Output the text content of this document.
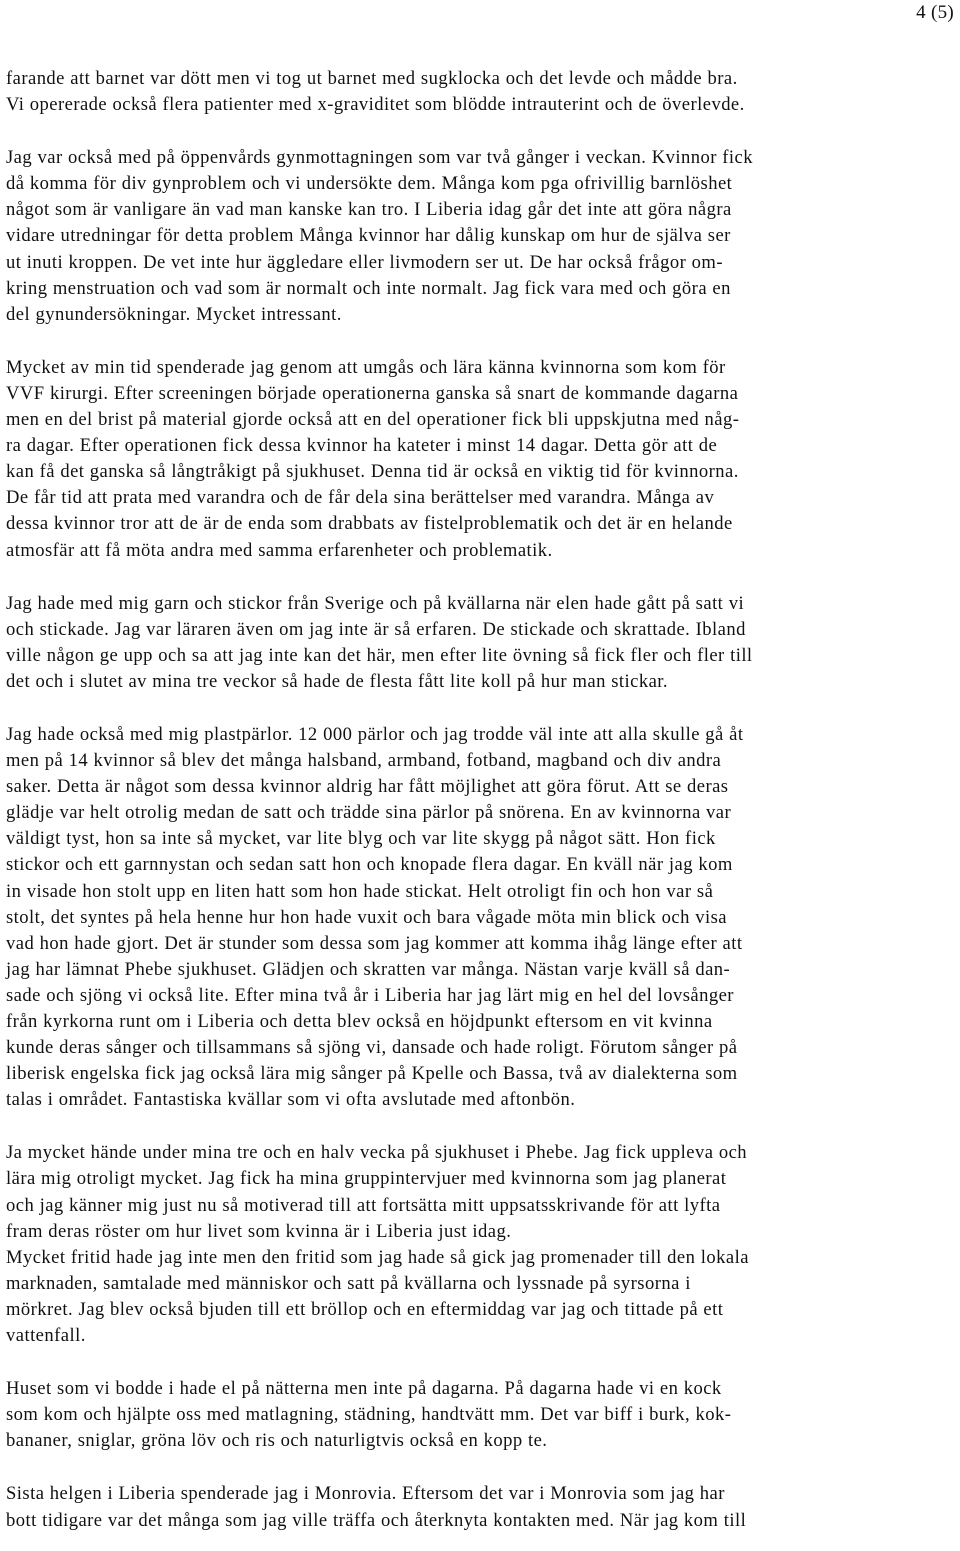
4 (5)

farande att barnet var dött men vi tog ut barnet med sugklocka och det levde och mådde bra.
Vi opererade också flera patienter med x-graviditet som blödde intrauterint och de överlevde.

Jag var också med på öppenvårds gynmottagningen som var två gånger i veckan. Kvinnor fick
då komma för div gynproblem och vi undersökte dem. Många kom pga ofrivillig barnlöshet
något som är vanligare än vad man kanske kan tro. I Liberia idag går det inte att göra några
vidare utredningar för detta problem Många kvinnor har dålig kunskap om hur de själva ser
ut inuti kroppen. De vet inte hur äggledare eller livmodern ser ut. De har också frågor om-
kring menstruation och vad som är normalt och inte normalt. Jag fick vara med och göra en
del gynundersökningar. Mycket intressant.

Mycket av min tid spenderade jag genom att umgås och lära känna kvinnorna som kom för
VVF kirurgi. Efter screeningen började operationerna ganska så snart de kommande dagarna
men en del brist på material gjorde också att en del operationer fick bli uppskjutna med någ-
ra dagar. Efter operationen fick dessa kvinnor ha kateter i minst 14 dagar. Detta gör att de
kan få det ganska så långtråkigt på sjukhuset. Denna tid är också en viktig tid för kvinnorna.
De får tid att prata med varandra och de får dela sina berättelser med varandra. Många av
dessa kvinnor tror att de är de enda som drabbats av fistelproblematik och det är en helande
atmosfär att få möta andra med samma erfarenheter och problematik.

Jag hade med mig garn och stickor från Sverige och på kvällarna när elen hade gått på satt vi
och stickade. Jag var läraren även om jag inte är så erfaren. De stickade och skrattade. Ibland
ville någon ge upp och sa att jag inte kan det här, men efter lite övning så fick fler och fler till
det och i slutet av mina tre veckor så hade de flesta fått lite koll på hur man stickar.

Jag hade också med mig plastpärlor. 12 000 pärlor och jag trodde väl inte att alla skulle gå åt
men på 14 kvinnor så blev det många halsband, armband, fotband, magband och div andra
saker. Detta är något som dessa kvinnor aldrig har fått möjlighet att göra förut. Att se deras
glädje var helt otrolig medan de satt och trädde sina pärlor på snörena. En av kvinnorna var
väldigt tyst, hon sa inte så mycket, var lite blyg och var lite skygg på något sätt. Hon fick
stickor och ett garnnystan och sedan satt hon och knopade flera dagar. En kväll när jag kom
in visade hon stolt upp en liten hatt som hon hade stickat. Helt otroligt fin och hon var så
stolt, det syntes på hela henne hur hon hade vuxit och bara vågade möta min blick och visa
vad hon hade gjort. Det är stunder som dessa som jag kommer att komma ihåg länge efter att
jag har lämnat Phebe sjukhuset. Glädjen och skratten var många. Nästan varje kväll så dan-
sade och sjöng vi också lite. Efter mina två år i Liberia har jag lärt mig en hel del lovsånger
från kyrkorna runt om i Liberia och detta blev också en höjdpunkt eftersom en vit kvinna
kunde deras sånger och tillsammans så sjöng vi, dansade och hade roligt. Förutom sånger på
liberisk engelska fick jag också lära mig sånger på Kpelle och Bassa, två av dialekterna som
talas i området. Fantastiska kvällar som vi ofta avslutade med aftonbön.

Ja mycket hände under mina tre och en halv vecka på sjukhuset i Phebe. Jag fick uppleva och
lära mig otroligt mycket. Jag fick ha mina gruppintervjuer med kvinnorna som jag planerat
och jag känner mig just nu så motiverad till att fortsätta mitt uppsatsskrivande för att lyfta
fram deras röster om hur livet som kvinna är i Liberia just idag.
Mycket fritid hade jag inte men den fritid som jag hade så gick jag promenader till den lokala
marknaden, samtalade med människor och satt på kvällarna och lyssnade på syrsorna i
mörkret. Jag blev också bjuden till ett bröllop och en eftermiddag var jag och tittade på ett
vattenfall.

Huset som vi bodde i hade el på nätterna men inte på dagarna. På dagarna hade vi en kock
som kom och hjälpte oss med matlagning, städning, handtvätt mm. Det var biff i burk, kok-
bananer, sniglar, gröna löv och ris och naturligtvis också en kopp te.

Sista helgen i Liberia spenderade jag i Monrovia. Eftersom det var i Monrovia som jag har
bott tidigare var det många som jag ville träffa och återknyta kontakten med. När jag kom till
